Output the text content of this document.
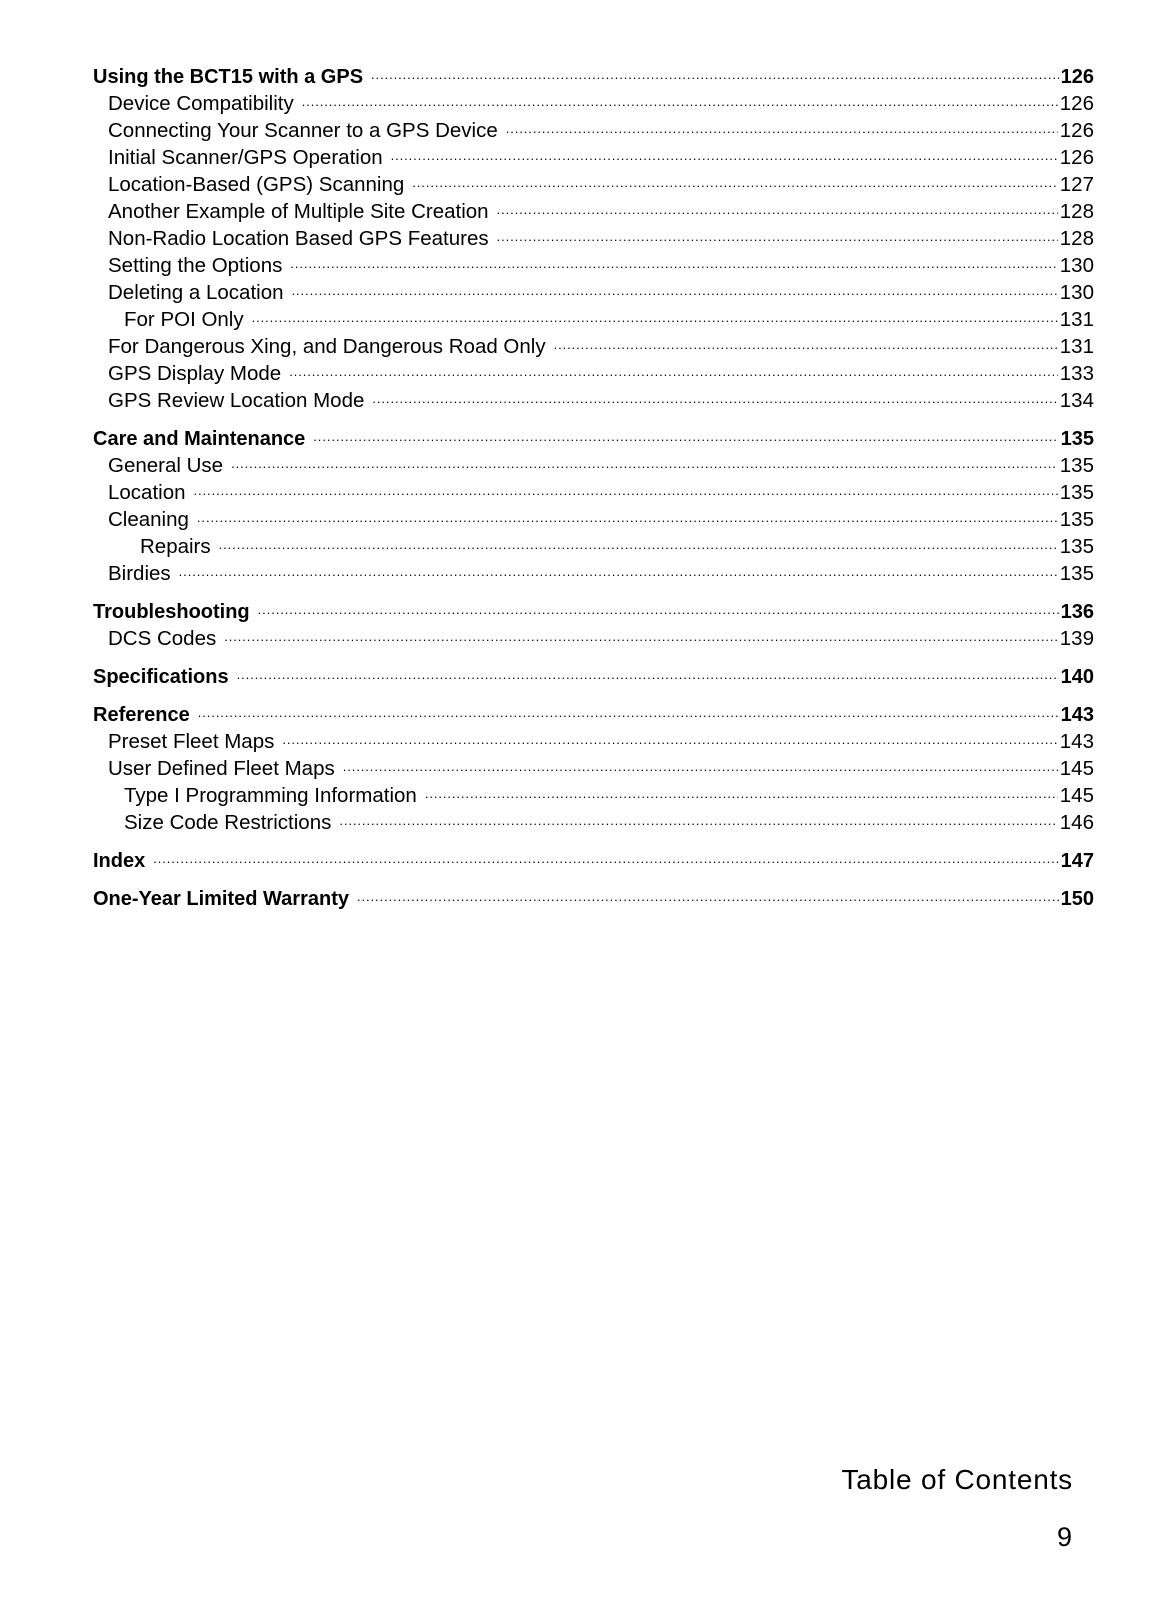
Using the BCT15 with a GPS .....	126
Device Compatibility .....	126
Connecting Your Scanner to a GPS Device .....	126
Initial Scanner/GPS Operation .....	126
Location-Based (GPS) Scanning .....	127
Another Example of Multiple Site Creation .....	128
Non-Radio Location Based GPS Features .....	128
Setting the Options .....	130
Deleting a Location .....	130
For POI Only .....	131
For Dangerous Xing, and Dangerous Road Only .....	131
GPS Display Mode .....	133
GPS Review Location Mode .....	134
Care and Maintenance .....	135
General Use .....	135
Location .....	135
Cleaning .....	135
Repairs .....	135
Birdies .....	135
Troubleshooting .....	136
DCS Codes .....	139
Specifications .....	140
Reference .....	143
Preset Fleet Maps .....	143
User Defined Fleet Maps .....	145
Type I Programming Information .....	145
Size Code Restrictions .....	146
Index .....	147
One-Year Limited Warranty .....	150
Table of Contents
9
